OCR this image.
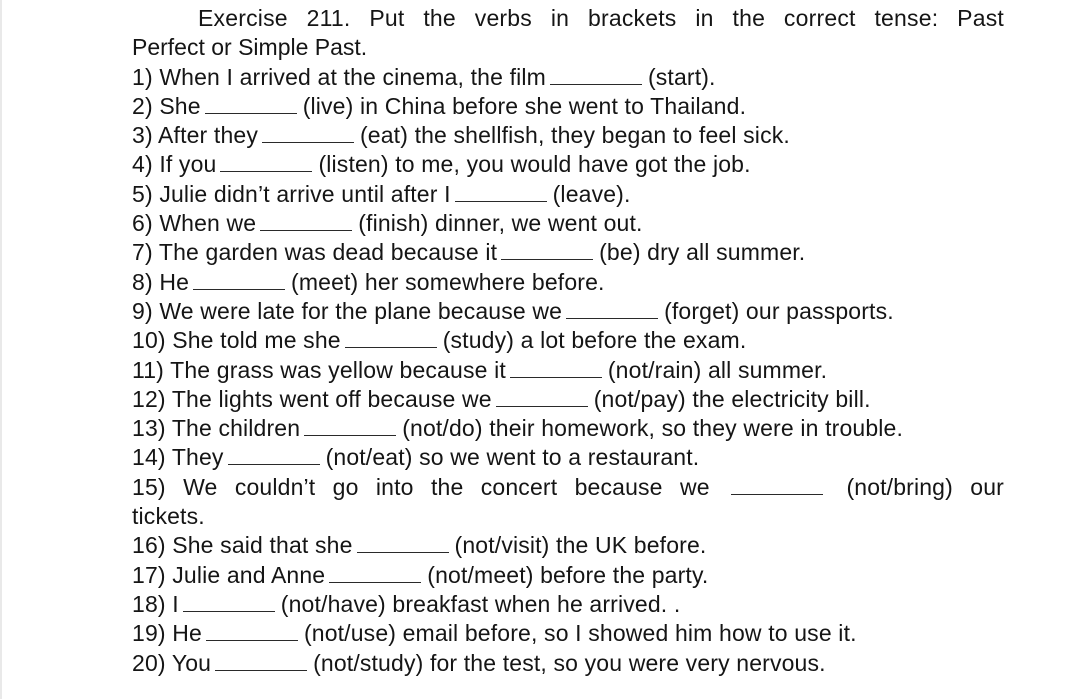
Exercise 211. Put the verbs in brackets in the correct tense: Past

Perfect or Simple Past.

1) When I arrived at the cinema, the film	(start).
2) She	(live) in China before she went to Thailand.
3) After they	(eat) the shellfish, they began to feel sick.
4) If you	(listen) to me, you would have got the job.
5) Julie didn’t arrive until after I	(leave).
6) When we	(finish) dinner, we went out.
7) The garden was dead because it	(be) dry all summer.
8) He	(meet) her somewhere before.
9) We were late for the plane because we	(forget) our passports.
10) She told me she	(study) a lot before the exam.
11) The grass was yellow because it	(not/rain) all summer.
12) The lights went off because we	(not/pay) the electricity bill.
13) The children	(not/do) their homework, so they were in trouble.
14) They	(not/eat) so we went to a restaurant.
15) We couldn’t go into the concert because we	(not/bring) our
tickets.
16) She said that she	(not/visit) the UK before.
17) Julie and Anne	(not/meet) before the party.
18) I	(not/have) breakfast when he arrived. .
19) He	(not/use) email before, so I showed him how to use it.
20) You	(not/study) for the test, so you were very nervous.
